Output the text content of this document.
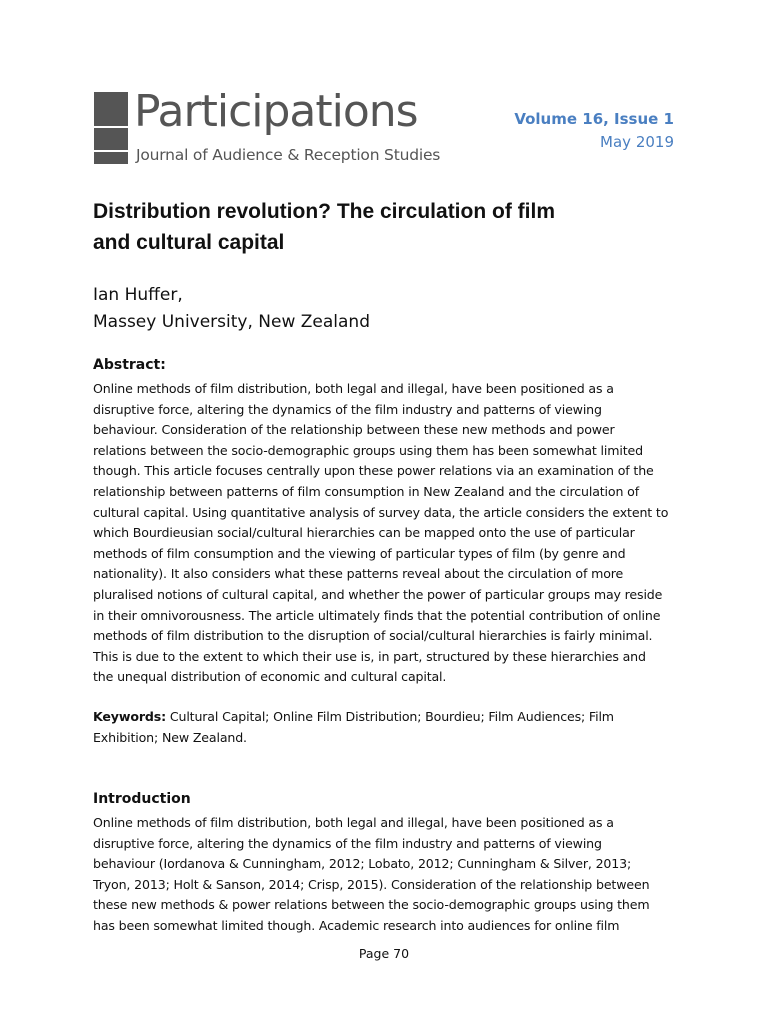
Participations
Journal of Audience & Reception Studies
Volume 16, Issue 1
May 2019
Distribution revolution? The circulation of film
and cultural capital
Ian Huffer,
Massey University, New Zealand
Abstract:
Online methods of film distribution, both legal and illegal, have been positioned as a
disruptive force, altering the dynamics of the film industry and patterns of viewing
behaviour. Consideration of the relationship between these new methods and power
relations between the socio-demographic groups using them has been somewhat limited
though. This article focuses centrally upon these power relations via an examination of the
relationship between patterns of film consumption in New Zealand and the circulation of
cultural capital. Using quantitative analysis of survey data, the article considers the extent to
which Bourdieusian social/cultural hierarchies can be mapped onto the use of particular
methods of film consumption and the viewing of particular types of film (by genre and
nationality). It also considers what these patterns reveal about the circulation of more
pluralised notions of cultural capital, and whether the power of particular groups may reside
in their omnivorousness. The article ultimately finds that the potential contribution of online
methods of film distribution to the disruption of social/cultural hierarchies is fairly minimal.
This is due to the extent to which their use is, in part, structured by these hierarchies and
the unequal distribution of economic and cultural capital.
Keywords: Cultural Capital; Online Film Distribution; Bourdieu; Film Audiences; Film
Exhibition; New Zealand.
Introduction
Online methods of film distribution, both legal and illegal, have been positioned as a
disruptive force, altering the dynamics of the film industry and patterns of viewing
behaviour (Iordanova & Cunningham, 2012; Lobato, 2012; Cunningham & Silver, 2013;
Tryon, 2013; Holt & Sanson, 2014; Crisp, 2015). Consideration of the relationship between
these new methods & power relations between the socio-demographic groups using them
has been somewhat limited though. Academic research into audiences for online film
Page 70
